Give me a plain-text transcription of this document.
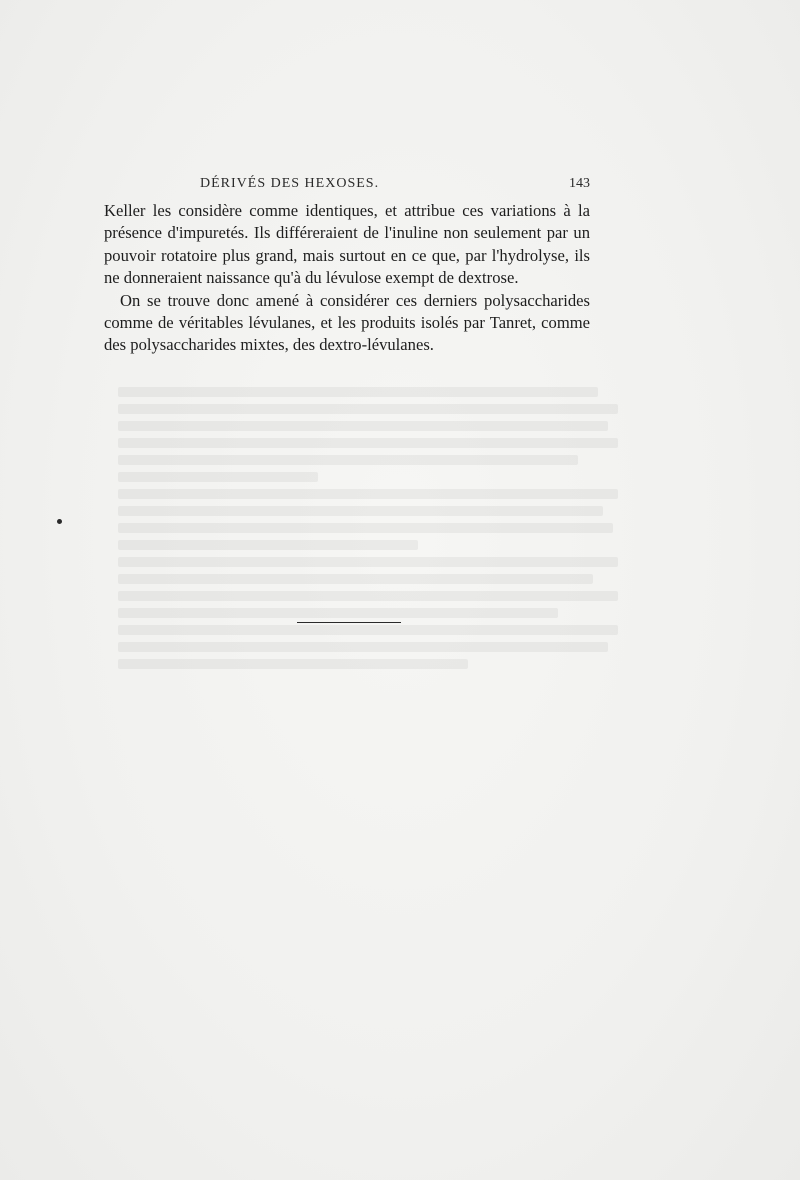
DÉRIVÉS DES HEXOSES.	143

Keller les considère comme identiques, et attribue ces variations à la présence d'impuretés. Ils différeraient de l'inuline non seulement par un pouvoir rotatoire plus grand, mais surtout en ce que, par l'hydrolyse, ils ne donneraient naissance qu'à du lévulose exempt de dextrose.

On se trouve donc amené à considérer ces derniers polysaccharides comme de véritables lévulanes, et les produits isolés par Tanret, comme des polysaccharides mixtes, des dextro-lévulanes.
